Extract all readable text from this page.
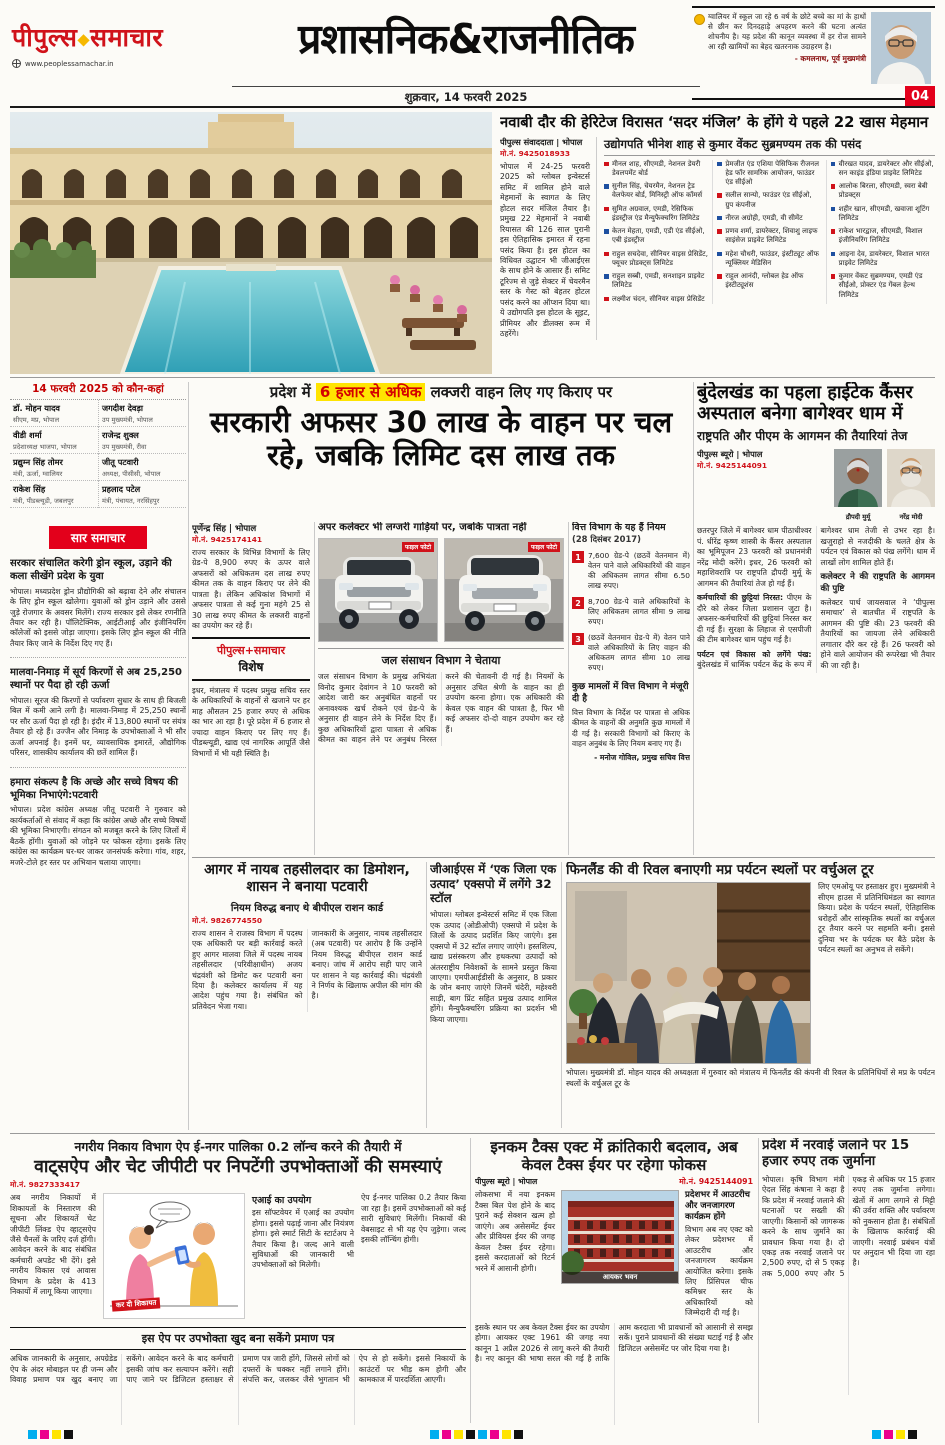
पीपुल्स◆समाचार
www.peoplessamachar.in
प्रशासनिक&राजनीतिक
शुक्रवार, 14 फरवरी 2025
ग्वालियर में स्कूल जा रहे 6 वर्ष के छोटे बच्चे का मां के हाथों से छीन कर दिनदहाड़े अपहरण करने की घटना अत्यंत शोचनीय है। यह प्रदेश की कानून व्यवस्था में हर रोज सामने आ रही खामियों का बेहद खतरनाक उदाहरण है।
- कमलनाथ, पूर्व मुख्यमंत्री
04
नवाबी दौर की हेरिटेज विरासत ‘सदर मंजिल’ के होंगे ये पहले 22 खास मेहमान
पीपुल्स संवाददाता | भोपाल
मो.नं. 9425018933
भोपाल में 24-25 फरवरी 2025 को ग्लोबल इन्वेस्टर्स समिट में शामिल होने वाले मेहमानों के स्वागत के लिए होटल सदर मंजिल तैयार है। प्रमुख 22 मेहमानों ने नवाबी रियासत की 126 साल पुरानी इस ऐतिहासिक इमारत में रहना पसंद किया है। इस होटल का विधिवत उद्घाटन भी जीआईएस के साथ होने के आसार हैं। समिट टूरिज्म से जुड़े सेक्टर में चेयरमैन स्तर के गेस्ट को बेहतर होटल पसंद करने का ऑप्शन दिया था। ये उद्योगपति इस होटल के सूइट, प्रीमियर और डीलक्स रूम में ठहरेंगे।
उद्योगपति भीनेश शाह से कुमार वेंकट सुब्रमण्यम तक की पसंद
मीनल शाह, सीएमडी, नेशनल डेयरी डेवलपमेंट बोर्ड
सुनील सिंह, चेयरमैन, नेशनल ट्रेड वेलफेयर बोर्ड, मिनिस्ट्री ऑफ कॉमर्स
सुमित अग्रवाल, एमडी, रेसिफिक इंडस्ट्रीज एंड मैन्युफैक्चरिंग लिमिटेड
केतन मेहता, एमडी, एडी एंड सीईओ, एबी इंडस्ट्रीज
राहुल सचदेवा, सीनियर वाइस प्रेसिडेंट, फ्यूचर प्रोडक्ट्स लिमिटेड
राहुल सब्बी, एमडी, सनशाइन प्राइवेट लिमिटेड
लक्ष्मीश चंदन, सीनियर वाइस प्रेसिडेंट
प्रेमजीत एंड एशिया पेसिफिक रीजनल हेड फॉर सामरिक आयोजन, फाउंडर एंड सीईओ
सलील सान्यो, फाउंडर एंड सीईओ, ग्रुप कंपनीज
नीरज अग्रोही, एमडी, वी सीमेंट
प्रणव शर्मा, डायरेक्टर, शिवाशु लाइफ साइंसेज प्राइवेट लिमिटेड
महेश चौधरी, फाउंडर, इंस्टीट्यूट ऑफ न्यूक्लियर मेडिसिन
राहुल आनंदी, ग्लोबल हेड ऑफ इंस्टीट्यूशंस
वीरखत यादव, डायरेक्टर और सीईओ, सन काइंड इंडिया प्राइवेट लिमिटेड
आलोक बिरला, सीएमडी, स्वरा बेबी प्रोडक्ट्स
शहीर खान, सीएमडी, खवाजा शूटिंग लिमिटेड
राकेश भारद्वाज, सीएमडी, विशाल इंजीनियरिंग लिमिटेड
आइना देव, डायरेक्टर, विशाल भारत प्राइवेट लिमिटेड
कुमार वेंकट सुब्रमण्यम, एमडी एंड सीईओ, प्रोक्टर एंड गेंबल हेल्थ लिमिटेड
14 फरवरी 2025 को कौन-कहां
डॉ. मोहन यादव
सीएम, मप्र, भोपाल
जगदीश देवड़ा
उप मुख्यमंत्री, भोपाल
वीडी शर्मा
प्रदेशाध्यक्ष भाजपा, भोपाल
राजेन्द्र शुक्ल
उप मुख्यमंत्री, रीवा
प्रद्युम्न सिंह तोमर
मंत्री, ऊर्जा, ग्वालियर
जीतू पटवारी
अध्यक्ष, पीसीसी, भोपाल
राकेश सिंह
मंत्री, पीडब्ल्यूडी, जबलपुर
प्रहलाद पटेल
मंत्री, पंचायत, नरसिंहपुर
प्रदेश में 6 हजार से अधिक लक्जरी वाहन लिए गए किराए पर
सरकारी अफसर 30 लाख के वाहन पर चल रहे, जबकि लिमिट दस लाख तक
पूर्णेन्द्र सिंह | भोपाल
मो.नं. 9425174141
राज्य सरकार के विभिन्न विभागों के लिए ग्रेड-पे 8,900 रुपए के ऊपर वाले अफसरों को अधिकतम दस लाख रुपए कीमत तक के वाहन किराए पर लेने की पात्रता है। लेकिन अधिकांश विभागों में अफसर पात्रता से कई गुना महंगे 25 से 30 लाख रुपए कीमत के लक्जरी वाहनों का उपयोग कर रहे हैं।
पीपुल्स+समाचार
विशेष
इधर, मंत्रालय में पदस्थ प्रमुख सचिव स्तर के अधिकारियों के वाहनों से खजाने पर हर माह औसतन 25 हजार रुपए से अधिक का भार आ रहा है। पूरे प्रदेश में 6 हजार से ज्यादा वाहन किराए पर लिए गए हैं। पीडब्ल्यूडी, खाद्य एवं नागरिक आपूर्ति जैसे विभागों में भी यही स्थिति है।
अपर कलेक्टर भी लग्जरी गाड़ियों पर, जबकि पात्रता नहीं
फाइल फोटो	फाइल फोटो
जल संसाधन विभाग ने चेताया
जल संसाधन विभाग के प्रमुख अभियंता विनोद कुमार देवांगन ने 10 फरवरी को आदेश जारी कर अनुबंधित वाहनों पर अनावश्यक खर्च रोकने एवं ग्रेड-पे के अनुसार ही वाहन लेने के निर्देश दिए हैं। कुछ अधिकारियों द्वारा पात्रता से अधिक कीमत का वाहन लेने पर अनुबंध निरस्त करने की चेतावनी दी गई है। नियमों के अनुसार उचित श्रेणी के वाहन का ही उपयोग करना होगा। एक अधिकारी की केवल एक वाहन की पात्रता है, फिर भी कई अफसर दो-दो वाहन उपयोग कर रहे हैं।
वित्त विभाग के यह हैं नियम
(28 दिसंबर 2017)
1 7,600 ग्रेड-पे (छठवें वेतनमान में) वेतन पाने वाले अधिकारियों की वाहन की अधिकतम लागत सीमा 6.50 लाख रुपए।
2 8,700 ग्रेड-पे वाले अधिकारियों के लिए अधिकतम लागत सीमा 9 लाख रुपए।
3 (छठवें वेतनमान ग्रेड-पे में) वेतन पाने वाले अधिकारियों के लिए वाहन की अधिकतम लागत सीमा 10 लाख रुपए।
कुछ मामलों में वित्त विभाग ने मंजूरी दी है
वित्त विभाग के निर्देश पर पात्रता से अधिक कीमत के वाहनों की अनुमति कुछ मामलों में दी गई है। सरकारी विभागों को किराए के वाहन अनुबंध के लिए नियम बनाए गए हैं।
- मनोज गोविल, प्रमुख सचिव वित्त
बुंदेलखंड का पहला हाईटेक कैंसर अस्पताल बनेगा बागेश्वर धाम में
राष्ट्रपति और पीएम के आगमन की तैयारियां तेज
पीपुल्स ब्यूरो | भोपाल
मो.नं. 9425144091
द्रौपदी मुर्मू	नरेंद्र मोदी

छतरपुर जिले में बागेश्वर धाम पीठाधीश्वर पं. धीरेंद्र कृष्ण शास्त्री के कैंसर अस्पताल का भूमिपूजन 23 फरवरी को प्रधानमंत्री नरेंद्र मोदी करेंगे। इधर, 26 फरवरी को महाशिवरात्रि पर राष्ट्रपति द्रौपदी मुर्मू के आगमन की तैयारियां तेज हो गई हैं।

कर्मचारियों की छुट्टियां निरस्त: पीएम के दौरे को लेकर जिला प्रशासन जुटा है। अफसर-कर्मचारियों की छुट्टियां निरस्त कर दी गई हैं। सुरक्षा के लिहाज से एसपीजी की टीम बागेश्वर धाम पहुंच गई है।

पर्यटन एवं विकास को लगेंगे पंख: बुंदेलखंड में धार्मिक पर्यटन केंद्र के रूप में बागेश्वर धाम तेजी से उभर रहा है। खजुराहो से नजदीकी के चलते क्षेत्र के पर्यटन एवं विकास को पंख लगेंगे। धाम में लाखों लोग शामिल होते हैं।

कलेक्टर ने की राष्ट्रपति के आगमन की पुष्टि

कलेक्टर पार्थ जायसवाल ने ‘पीपुल्स समाचार’ से बातचीत में राष्ट्रपति के आगमन की पुष्टि की। 23 फरवरी की तैयारियों का जायजा लेने अधिकारी लगातार दौरे कर रहे हैं। 26 फरवरी को होने वाले आयोजन की रूपरेखा भी तैयार की जा रही है।

सार समाचार
सरकार संचालित करेगी ड्रोन स्कूल, उड़ाने की कला सीखेंगे प्रदेश के युवा
भोपाल। मध्यप्रदेश ड्रोन प्रौद्योगिकी को बढ़ावा देने और संचालन के लिए ड्रोन स्कूल खोलेगा। युवाओं को ड्रोन उड़ाने और उससे जुड़े रोजगार के अवसर मिलेंगे। राज्य सरकार इसे लेकर रणनीति तैयार कर रही है। पॉलिटेक्निक, आईटीआई और इंजीनियरिंग कॉलेजों को इससे जोड़ा जाएगा। इसके लिए ड्रोन स्कूल की नीति तैयार किए जाने के निर्देश दिए गए हैं।
मालवा-निमाड़ में सूर्य किरणों से अब 25,250 स्थानों पर पैदा हो रही ऊर्जा
भोपाल। सूरज की किरणों से पर्यावरण सुधार के साथ ही बिजली बिल में कमी आने लगी है। मालवा-निमाड़ में 25,250 स्थानों पर सौर ऊर्जा पैदा हो रही है। इंदौर में 13,800 स्थानों पर संयंत्र तैयार हो रहे हैं। उज्जैन और निमाड़ के उपभोक्ताओं ने भी सौर ऊर्जा अपनाई है। इनमें घर, व्यावसायिक इमारतें, औद्योगिक परिसर, शासकीय कार्यालय की छतें शामिल हैं।
हमारा संकल्प है कि अच्छे और सच्चे विषय की भूमिका निभाएंगे:पटवारी
भोपाल। प्रदेश कांग्रेस अध्यक्ष जीतू पटवारी ने गुरुवार को कार्यकर्ताओं से संवाद में कहा कि कांग्रेस अच्छे और सच्चे विषयों की भूमिका निभाएगी। संगठन को मजबूत करने के लिए जिलों में बैठकें होंगी। युवाओं को जोड़ने पर फोकस रहेगा। इसके लिए कांग्रेस का कार्यक्रम घर-घर जाकर जनसंपर्क करेगा। गांव, शहर, मजरे-टोले हर स्तर पर अभियान चलाया जाएगा।	आगर में नायब तहसीलदार का डिमोशन, शासन ने बनाया पटवारी
नियम विरुद्ध बनाए थे बीपीएल राशन कार्ड
मो.नं. 9826774550

राज्य शासन ने राजस्व विभाग में पदस्थ एक अधिकारी पर बड़ी कार्रवाई करते हुए आगर मालवा जिले में पदस्थ नायब तहसीलदार (परिवीक्षाधीन) अजय चंद्रवंशी को डिमोट कर पटवारी बना दिया है। कलेक्टर कार्यालय में यह आदेश पहुंच गया है। संबंधित को प्रतिवेदन भेजा गया।

जानकारी के अनुसार, नायब तहसीलदार (अब पटवारी) पर आरोप है कि उन्होंने नियम विरुद्ध बीपीएल राशन कार्ड बनाए। जांच में आरोप सही पाए जाने पर शासन ने यह कार्रवाई की। चंद्रवंशी ने निर्णय के खिलाफ अपील की मांग की है।

जीआईएस में ‘एक जिला एक उत्पाद’ एक्सपो में लगेंगे 32 स्टॉल
भोपाल। ग्लोबल इन्वेस्टर्स समिट में एक जिला एक उत्पाद (ओडीओपी) एक्सपो में प्रदेश के जिलों के उत्पाद प्रदर्शित किए जाएंगे। इस एक्सपो में 32 स्टॉल लगाए जाएंगे। हस्तशिल्प, खाद्य प्रसंस्करण और हथकरघा उत्पादों को अंतरराष्ट्रीय निवेशकों के सामने प्रस्तुत किया जाएगा। एमपीआईडीसी के अनुसार, 8 प्रकार के जोन बनाए जाएंगे जिनमें चंदेरी, महेश्वरी साड़ी, बाग प्रिंट सहित प्रमुख उत्पाद शामिल होंगे। मैन्युफैक्चरिंग प्रक्रिया का प्रदर्शन भी किया जाएगा।
फिनलैंड की वी रिवल बनाएगी मप्र पर्यटन स्थलों पर वर्चुअल टूर
लिए एमओयू पर हस्ताक्षर हुए। मुख्यमंत्री ने सीएम हाउस में प्रतिनिधिमंडल का स्वागत किया। प्रदेश के पर्यटन स्थलों, ऐतिहासिक धरोहरों और सांस्कृतिक स्थलों का वर्चुअल टूर तैयार करने पर सहमति बनी। इससे दुनिया भर के पर्यटक घर बैठे प्रदेश के पर्यटन स्थलों का अनुभव ले सकेंगे।
भोपाल। मुख्यमंत्री डॉ. मोहन यादव की अध्यक्षता में गुरुवार को मंत्रालय में फिनलैंड की कंपनी वी रिवल के प्रतिनिधियों से मप्र के पर्यटन स्थलों के वर्चुअल टूर के
नगरीय निकाय विभाग ऐप ई-नगर पालिका 0.2 लॉन्च करने की तैयारी में
वाट्सऐप और चेट जीपीटी पर निपटेंगी उपभोक्ताओं की समस्याएं
मो.नं. 9827333417
अब नगरीय निकायों में शिकायतों के निस्तारण की सूचना और शिकायतें चेट जीपीटी लिंक्ड ऐप व्हाट्सऐप जैसे चैनलों के जरिए दर्ज होंगी। आवेदन करने के बाद संबंधित कर्मचारी अपडेट भी देंगे। इसे नगरीय विकास एवं आवास विभाग के प्रदेश के 413 निकायों में लागू किया जाएगा।
कर दी शिकायत
एआई का उपयोग
इस सॉफ्टवेयर में एआई का उपयोग होगा। इससे पढ़ाई जाना और नियंत्रण होगा। इसे स्मार्ट सिटी के स्टार्टअप ने तैयार किया है। जल्द आने वाली सुविधाओं की जानकारी भी उपभोक्ताओं को मिलेगी।
ऐप ई-नगर पालिका 0.2 तैयार किया जा रहा है। इसमें उपभोक्ताओं को कई सारी सुविधाएं मिलेंगी। निकायों की वेबसाइट से भी यह ऐप जुड़ेगा। जल्द इसकी लॉन्चिंग होगी।
इस ऐप पर उपभोक्ता खुद बना सकेंगे प्रमाण पत्र
अधिक जानकारी के अनुसार, अपग्रेडेड ऐप के अंदर मोबाइल पर ही जन्म और विवाह प्रमाण पत्र खुद बनाए जा सकेंगे। आवेदन करने के बाद कर्मचारी इसकी जांच कर सत्यापन करेंगे। सही पाए जाने पर डिजिटल हस्ताक्षर से प्रमाण पत्र जारी होंगे, जिससे लोगों को दफ्तरों के चक्कर नहीं लगाने होंगे। संपत्ति कर, जलकर जैसे भुगतान भी ऐप से हो सकेंगे। इससे निकायों के काउंटरों पर भीड़ कम होगी और कामकाज में पारदर्शिता आएगी।
इनकम टैक्स एक्ट में क्रांतिकारी बदलाव, अब केवल टैक्स ईयर पर रहेगा फोकस
पीपुल्स ब्यूरो | भोपाल	मो.नं. 9425144091
लोकसभा में नया इनकम टैक्स बिल पेश होने के बाद पुराने कई सेक्शन खत्म हो जाएंगे। अब असेसमेंट ईयर और प्रीवियस ईयर की जगह केवल टैक्स ईयर रहेगा। इससे करदाताओं को रिटर्न भरने में आसानी होगी।
आयकर भवन
प्रदेशभर में आउटरीच और जनजागरण कार्यक्रम होंगे
विभाग अब नए एक्ट को लेकर प्रदेशभर में आउटरीच और जनजागरण कार्यक्रम आयोजित करेगा। इसके लिए प्रिंसिपल चीफ कमिश्नर स्तर के अधिकारियों को जिम्मेदारी दी गई है।
इसके स्थान पर अब केवल टैक्स ईयर का उपयोग होगा। आयकर एक्ट 1961 की जगह नया कानून 1 अप्रैल 2026 से लागू करने की तैयारी है। नए कानून की भाषा सरल की गई है ताकि आम करदाता भी प्रावधानों को आसानी से समझ सकें। पुराने प्रावधानों की संख्या घटाई गई है और डिजिटल असेसमेंट पर जोर दिया गया है।
प्रदेश में नरवाई जलाने पर 15 हजार रुपए तक जुर्माना
भोपाल। कृषि विभाग मंत्री ऐदल सिंह कंषाना ने कहा है कि प्रदेश में नरवाई जलाने की घटनाओं पर सख्ती की जाएगी। किसानों को जागरूक करने के साथ जुर्माने का प्रावधान किया गया है। दो एकड़ तक नरवाई जलाने पर 2,500 रुपए, दो से 5 एकड़ तक 5,000 रुपए और 5 एकड़ से अधिक पर 15 हजार रुपए तक जुर्माना लगेगा। खेतों में आग लगाने से मिट्टी की उर्वरा शक्ति और पर्यावरण को नुकसान होता है। संबंधितों के खिलाफ कार्रवाई की जाएगी। नरवाई प्रबंधन यंत्रों पर अनुदान भी दिया जा रहा है।
